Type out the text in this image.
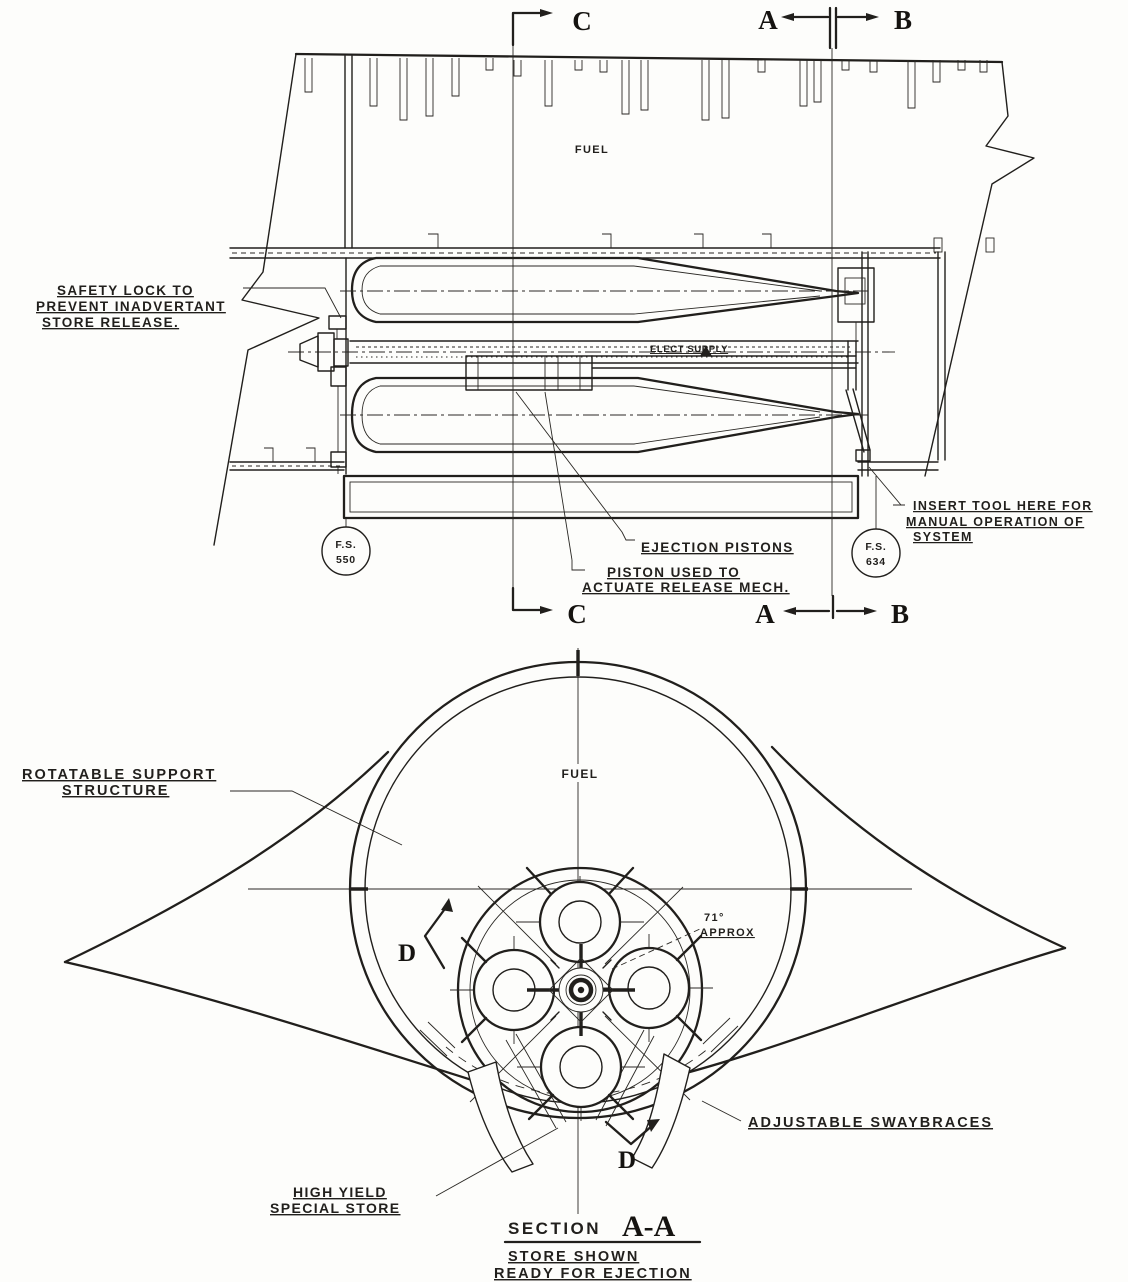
F.S.
550
F.S.
634
C	A	B
C	A	B
FUEL
ELECT SUPPLY
SAFETY LOCK TO
PREVENT INADVERTANT
STORE RELEASE.
INSERT TOOL HERE FOR
MANUAL OPERATION OF
SYSTEM
EJECTION PISTONS
PISTON USED TO
ACTUATE RELEASE MECH.
D
D
FUEL
ROTATABLE SUPPORT
STRUCTURE
71°
APPROX
ADJUSTABLE SWAYBRACES
HIGH YIELD
SPECIAL STORE
SECTION A-A
STORE SHOWN
READY FOR EJECTION
